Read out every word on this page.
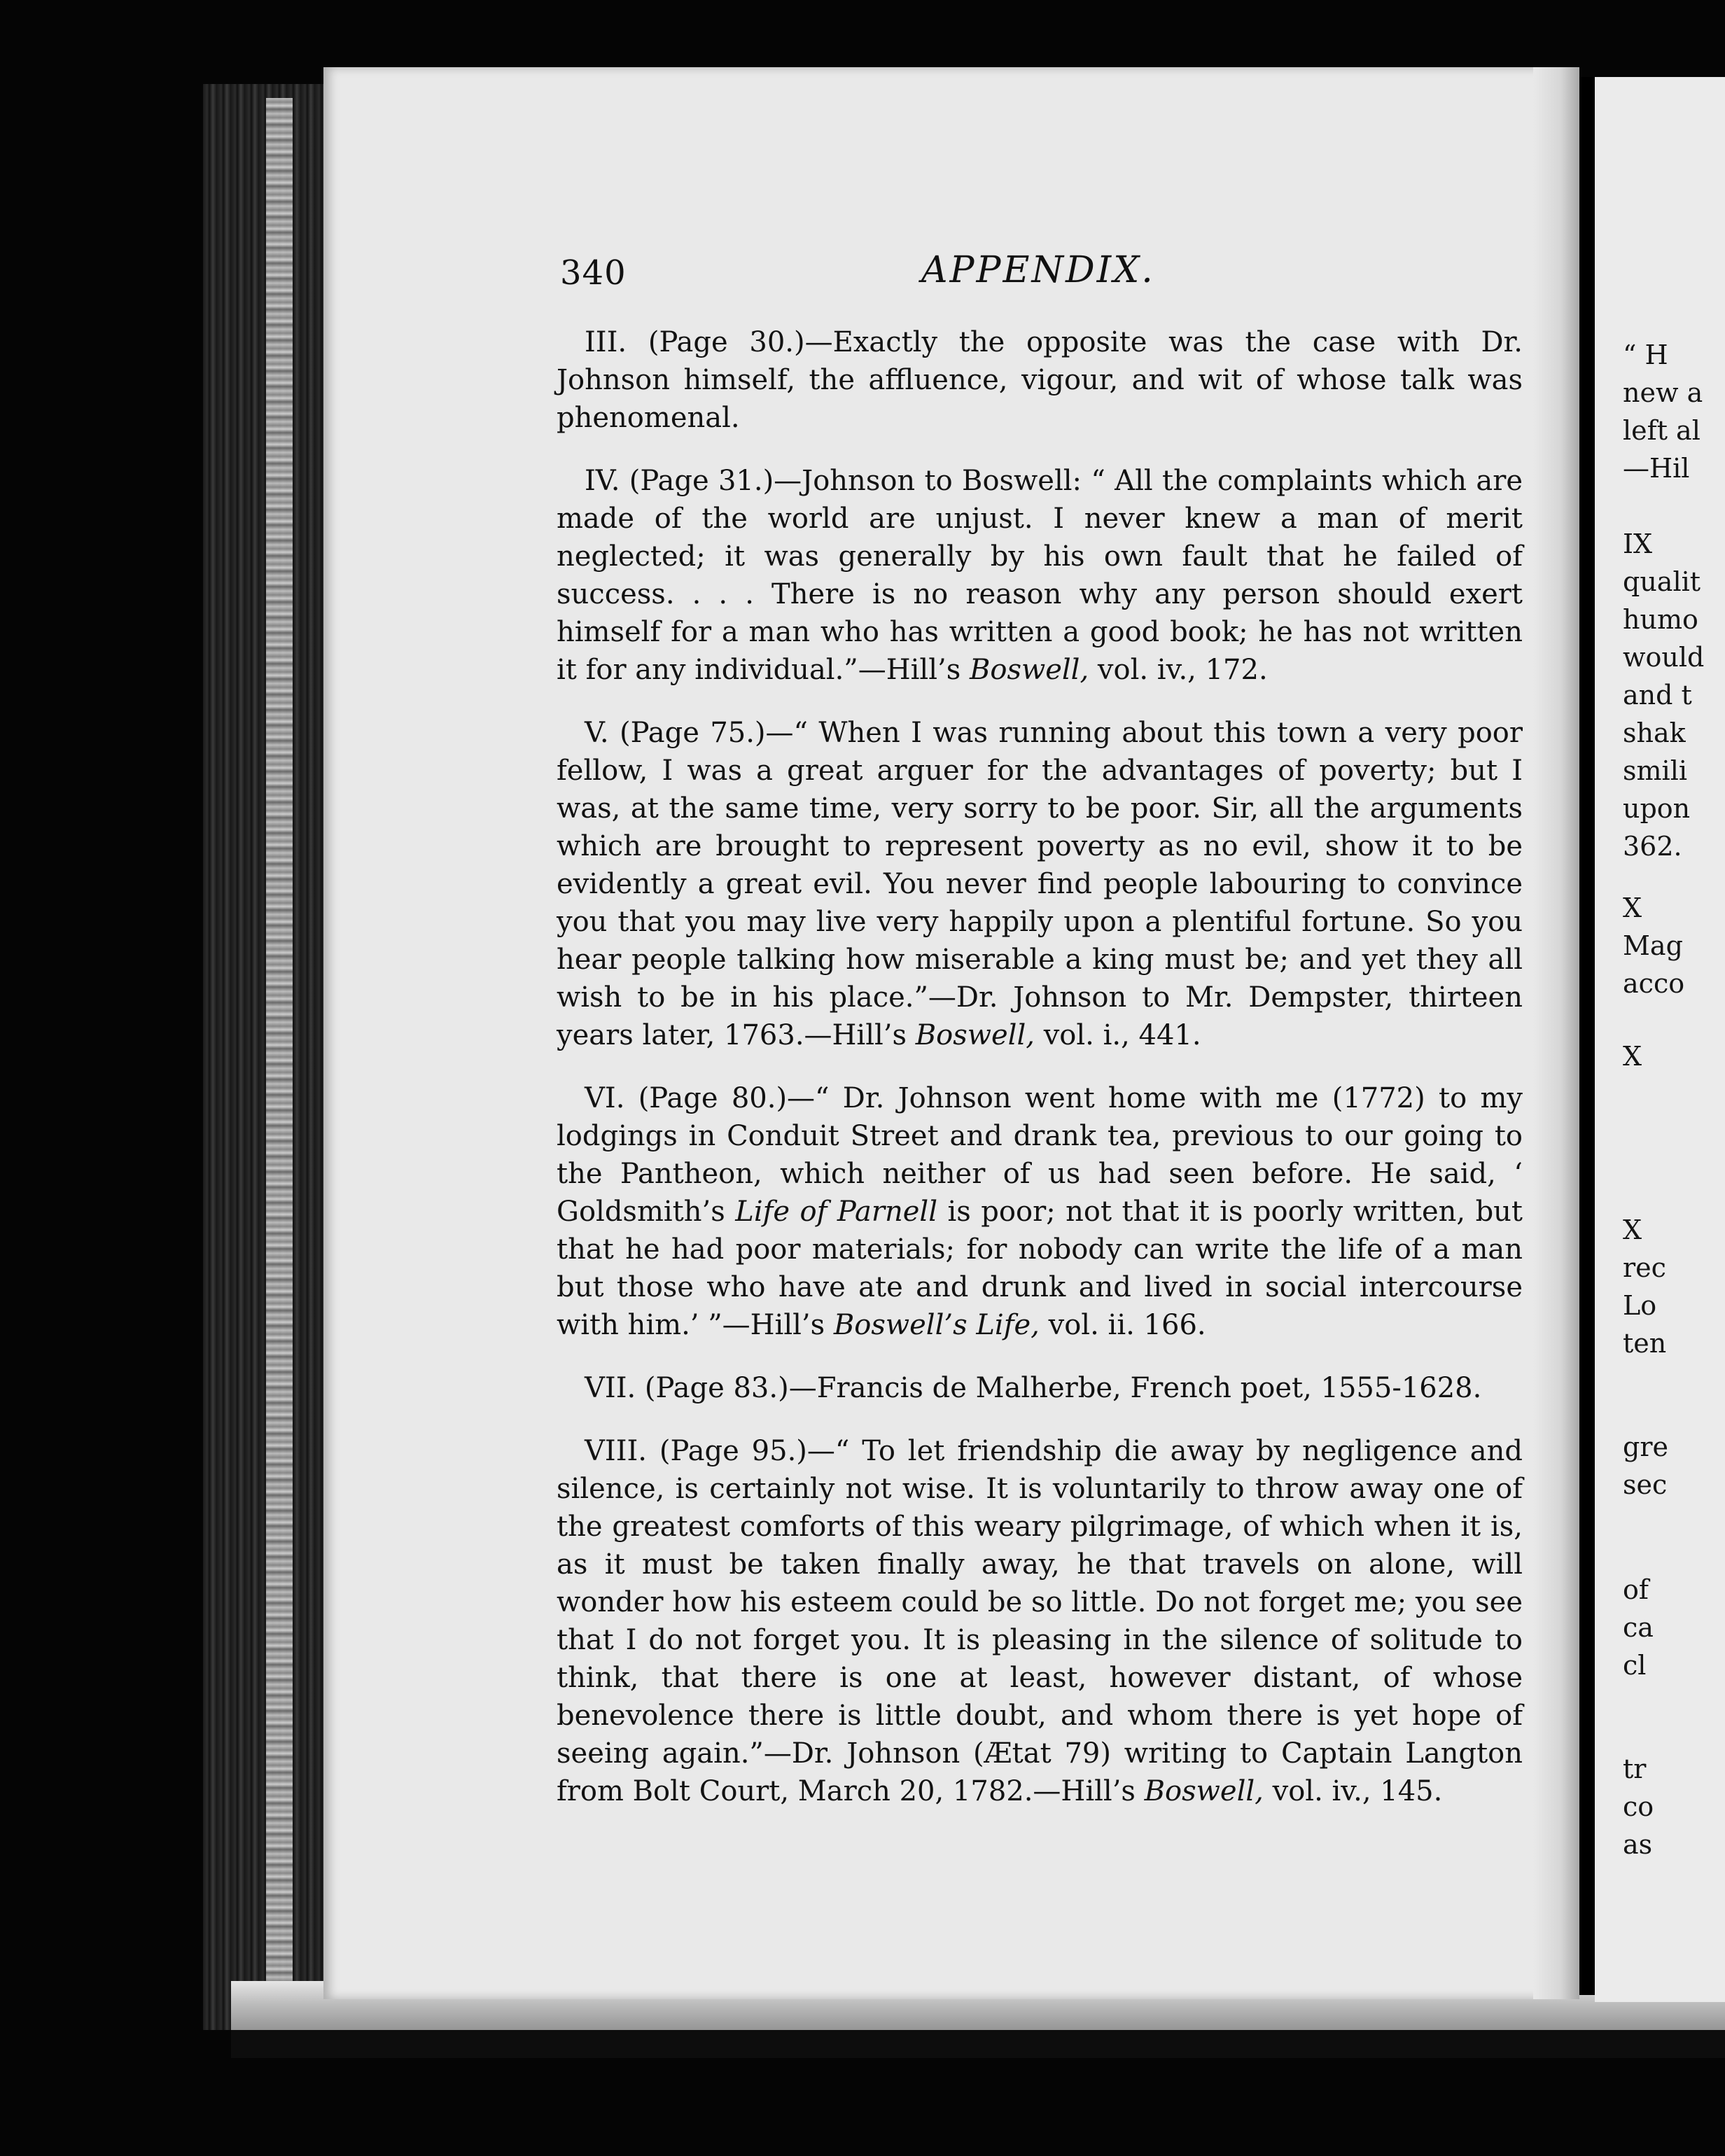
340	APPENDIX.

III. (Page 30.)—Exactly the opposite was the case with Dr. Johnson himself, the affluence, vigour, and wit of whose talk was phenomenal.

IV. (Page 31.)—Johnson to Boswell: “ All the complaints which are made of the world are unjust. I never knew a man of merit neglected; it was generally by his own fault that he failed of success. . . . There is no reason why any person should exert himself for a man who has written a good book; he has not written it for any individual.”—Hill’s Boswell, vol. iv., 172.

V. (Page 75.)—“ When I was running about this town a very poor fellow, I was a great arguer for the advantages of poverty; but I was, at the same time, very sorry to be poor. Sir, all the arguments which are brought to represent poverty as no evil, show it to be evidently a great evil. You never find people labouring to convince you that you may live very happily upon a plentiful fortune. So you hear people talking how miserable a king must be; and yet they all wish to be in his place.”—Dr. Johnson to Mr. Dempster, thirteen years later, 1763.—Hill’s Boswell, vol. i., 441.

VI. (Page 80.)—“ Dr. Johnson went home with me (1772) to my lodgings in Conduit Street and drank tea, previous to our going to the Pantheon, which neither of us had seen before. He said, ‘ Goldsmith’s Life of Parnell is poor; not that it is poorly written, but that he had poor materials; for nobody can write the life of a man but those who have ate and drunk and lived in social intercourse with him.’ ”—Hill’s Boswell’s Life, vol. ii. 166.

VII. (Page 83.)—Francis de Malherbe, French poet, 1555-1628.

VIII. (Page 95.)—“ To let friendship die away by negligence and silence, is certainly not wise. It is voluntarily to throw away one of the greatest comforts of this weary pilgrimage, of which when it is, as it must be taken finally away, he that travels on alone, will wonder how his esteem could be so little. Do not forget me; you see that I do not forget you. It is pleasing in the silence of solitude to think, that there is one at least, however distant, of whose benevolence there is little doubt, and whom there is yet hope of seeing again.”—Dr. Johnson (Ætat 79) writing to Captain Langton from Bolt Court, March 20, 1782.—Hill’s Boswell, vol. iv., 145.

“ H
new a
left al
—Hil
IX
qualit
humo
would
and t
shak
smili
upon
362.
X
Mag
acco
X
X
rec
Lo
ten
gre
sec
of
ca
cl
tr
co
as
